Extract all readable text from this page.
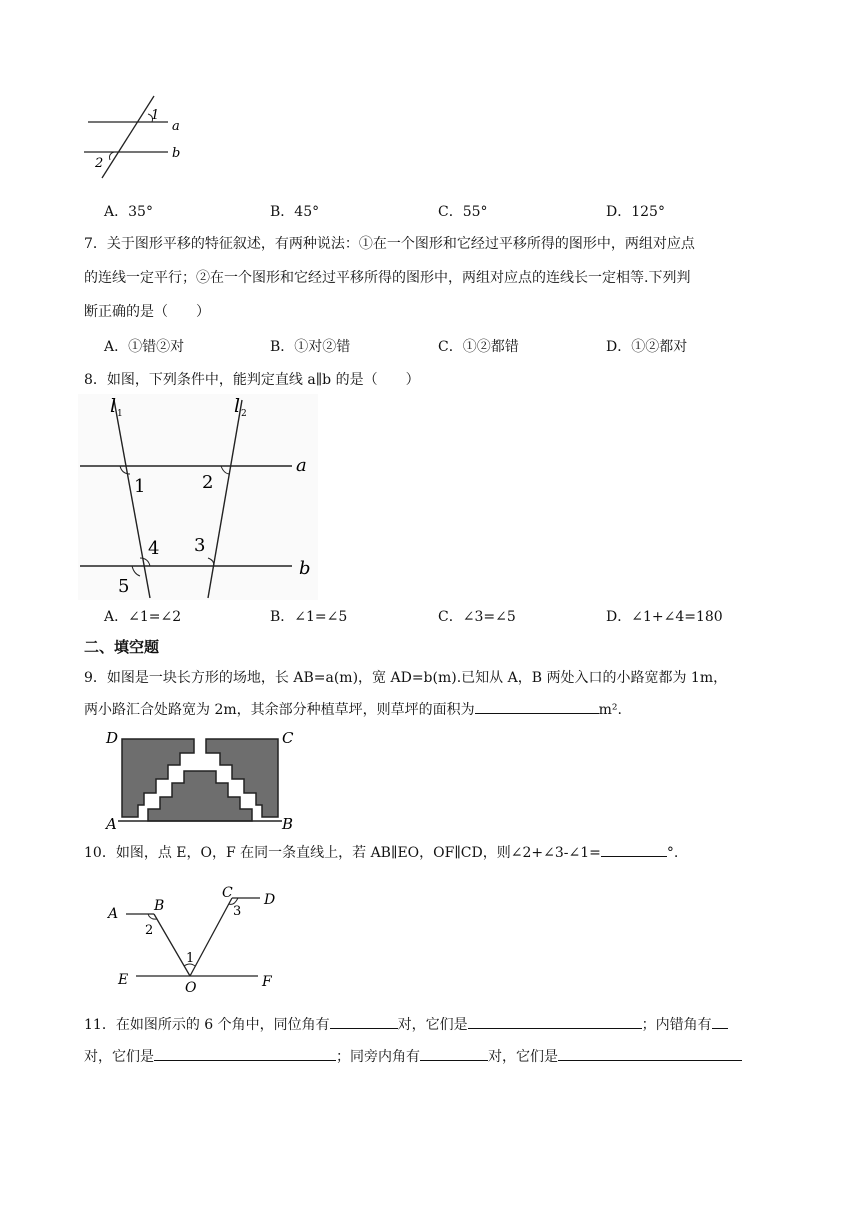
1
2
a
b
A．35°	B．45°	C．55°	D．125°
7．关于图形平移的特征叙述，有两种说法：①在一个图形和它经过平移所得的图形中，两组对应点
的连线一定平行；②在一个图形和它经过平移所得的图形中，两组对应点的连线长一定相等.下列判
断正确的是（　　）
A．①错②对	B．①对②错	C．①②都错	D．①②都对
8．如图，下列条件中，能判定直线 a∥b 的是（　　）
l 1	l 2
a
b
1	2
4 3
5
A．∠1=∠2	B．∠1=∠5	C．∠3=∠5	D．∠1+∠4=180
二、填空题
9．如图是一块长方形的场地，长 AB=a(m)，宽 AD=b(m).已知从 A，B 两处入口的小路宽都为 1m，
两小路汇合处路宽为 2m，其余部分种植草坪，则草坪的面积为	m².
D	C
A	B
10．如图，点 E，O，F 在同一条直线上，若 AB∥EO，OF∥CD，则∠2+∠3-∠1=	°.
A	B
C D
E	F
O
1
2
3
11．在如图所示的 6 个角中，同位角有	对，它们是	；内错角有
对，它们是	；同旁内角有	对，它们是
